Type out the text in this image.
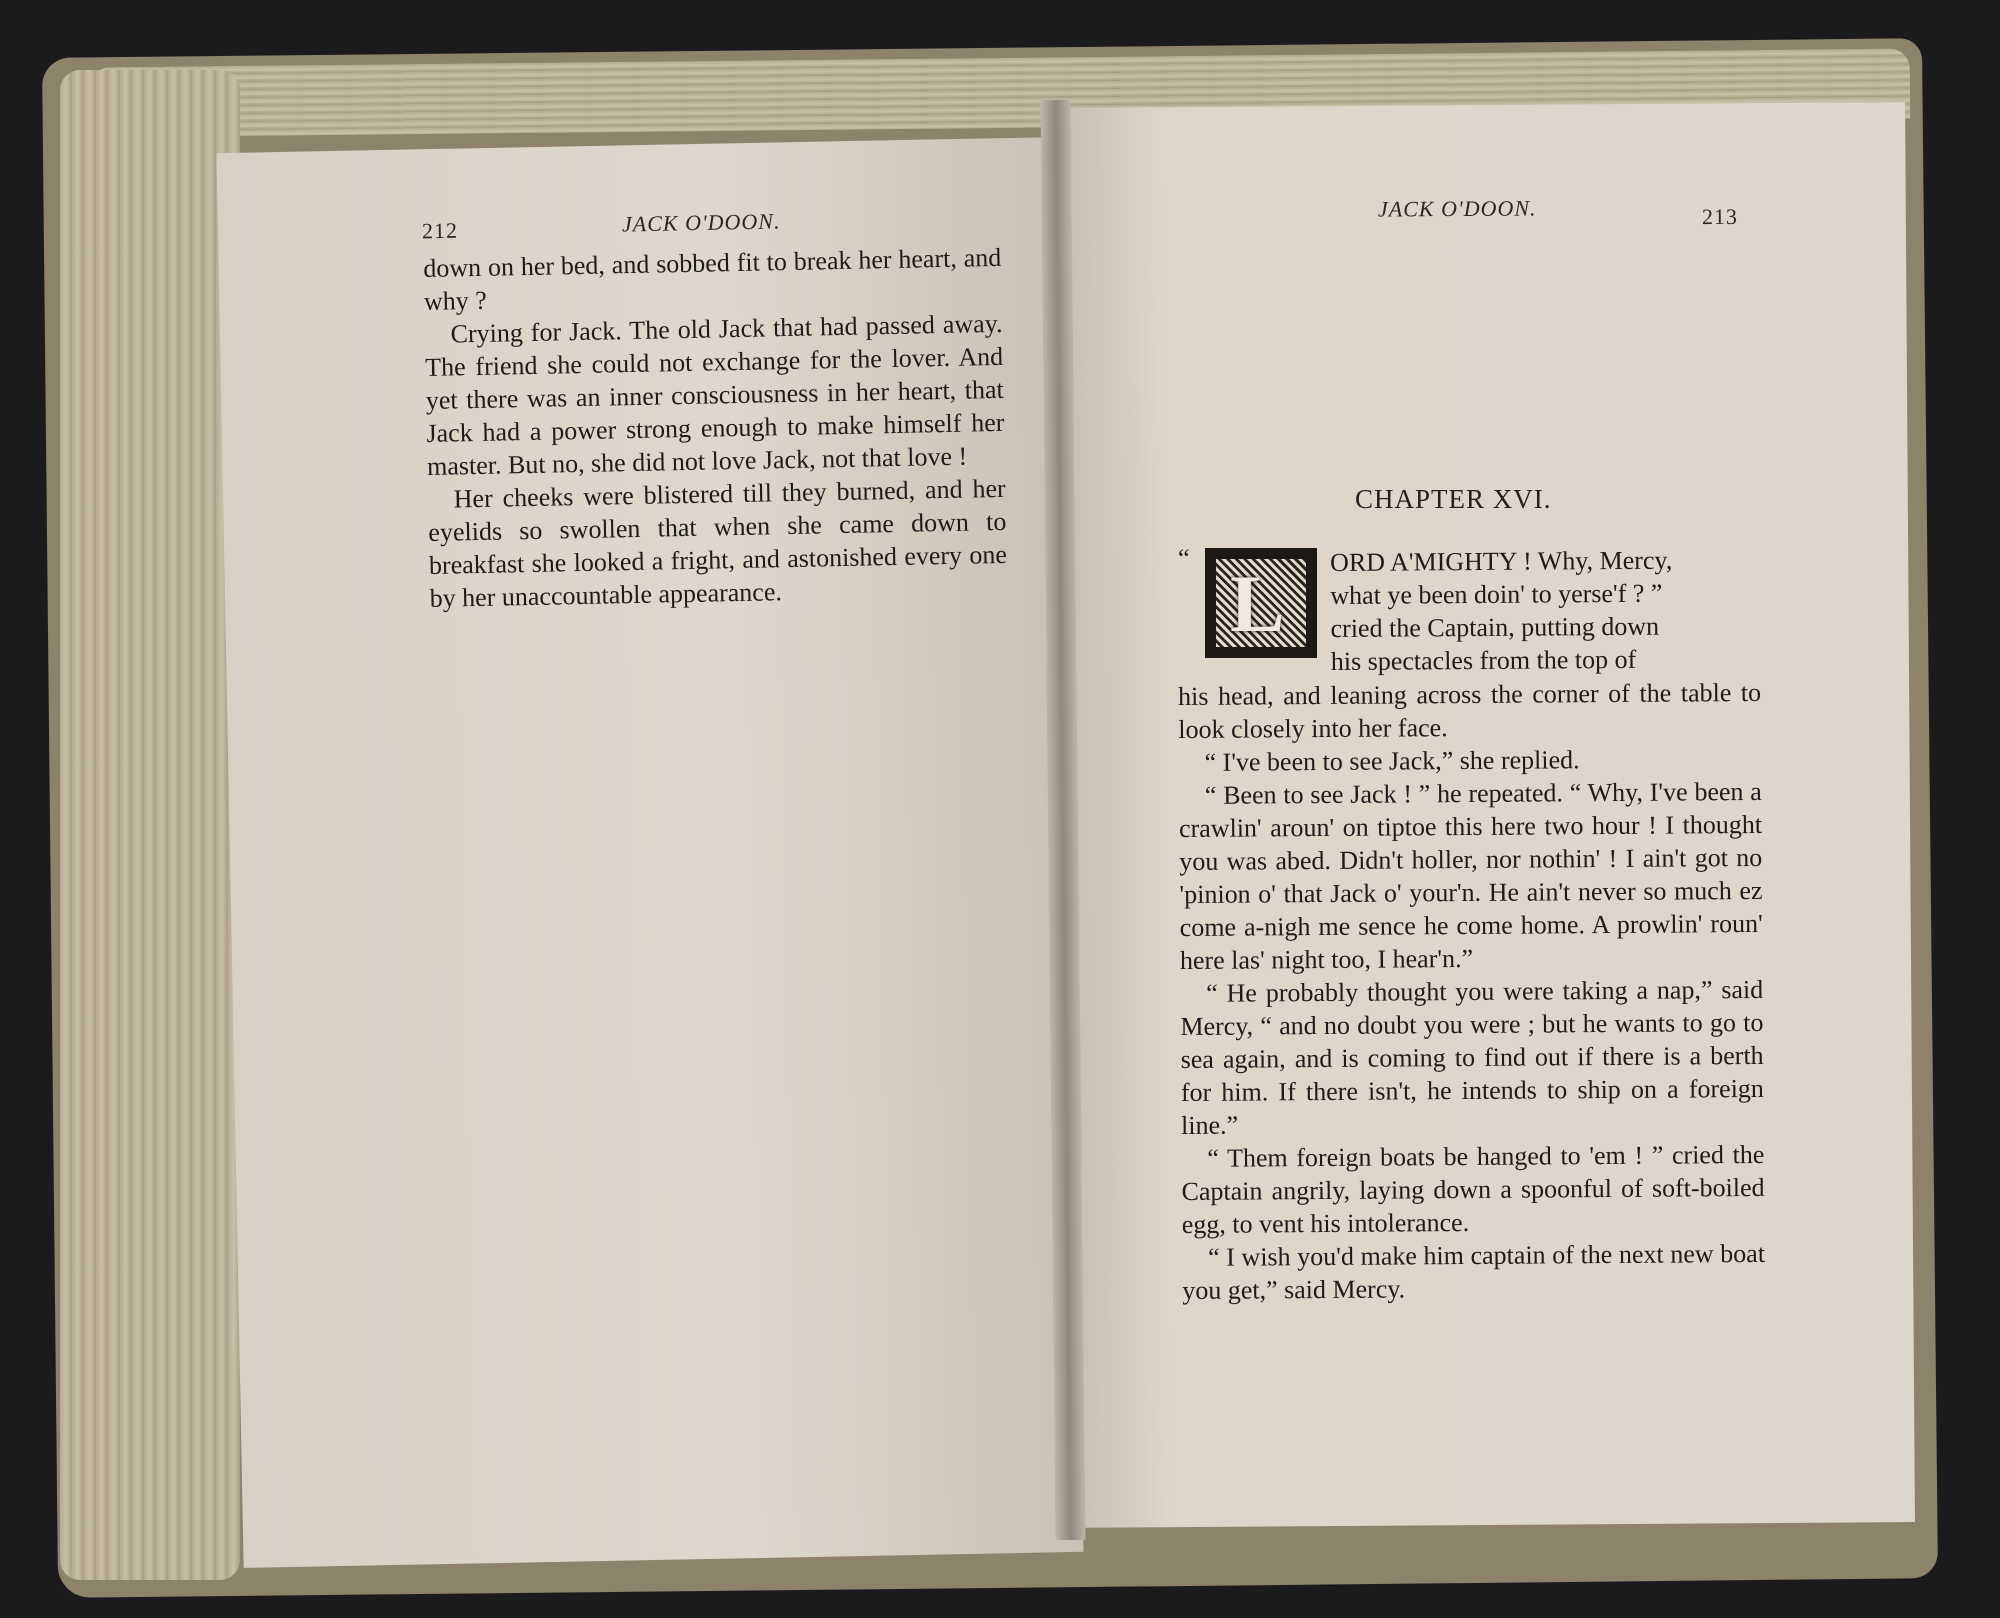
212	JACK O'DOON.

down on her bed, and sobbed fit to break her heart, and why ?

Crying for Jack. The old Jack that had passed away. The friend she could not exchange for the lover. And yet there was an inner consciousness in her heart, that Jack had a power strong enough to make himself her master. But no, she did not love Jack, not that love !

Her cheeks were blistered till they burned, and her eyelids so swollen that when she came down to breakfast she looked a fright, and astonished every one by her unaccountable appearance.

JACK O'DOON.	213
CHAPTER XVI.
“ L ORD A'MIGHTY ! Why, Mercy,

what ye been doin' to yerse'f ? ”

cried the Captain, putting down

his spectacles from the top of

his head, and leaning across the corner of the table to look closely into her face.

“ I've been to see Jack,” she replied.

“ Been to see Jack ! ” he repeated. “ Why, I've been a crawlin' aroun' on tiptoe this here two hour ! I thought you was abed. Didn't holler, nor nothin' ! I ain't got no 'pinion o' that Jack o' your'n. He ain't never so much ez come a-nigh me sence he come home. A prowlin' roun' here las' night too, I hear'n.”

“ He probably thought you were taking a nap,” said Mercy, “ and no doubt you were ; but he wants to go to sea again, and is coming to find out if there is a berth for him. If there isn't, he intends to ship on a foreign line.”

“ Them foreign boats be hanged to 'em ! ” cried the Captain angrily, laying down a spoonful of soft-boiled egg, to vent his intolerance.

“ I wish you'd make him captain of the next new boat you get,” said Mercy.
